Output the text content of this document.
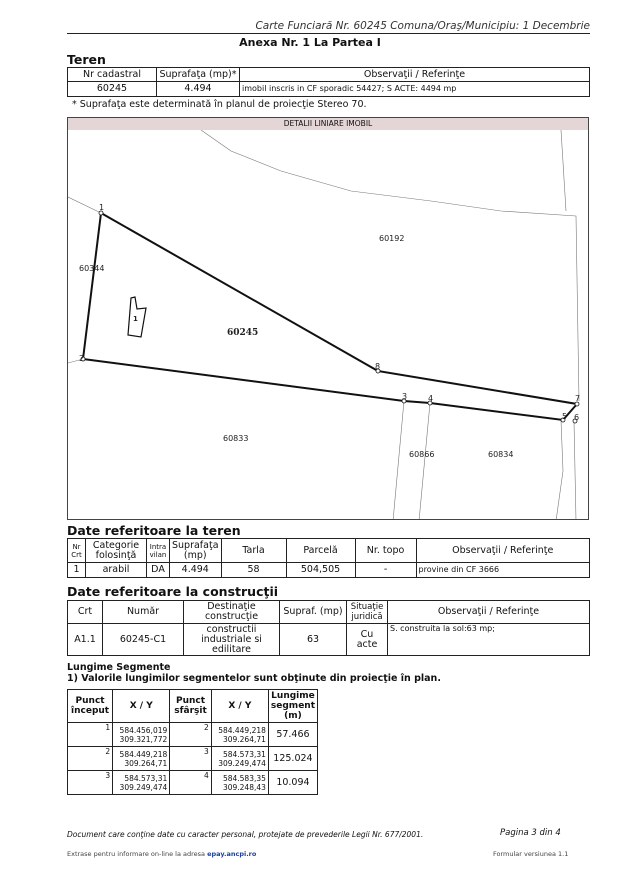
Carte Funciară Nr. 60245 Comuna/Oraş/Municipiu: 1 Decembrie
Anexa Nr. 1 La Partea I
Teren
Nr cadastral	Suprafaţa (mp)*	Observaţii / Referinţe
60245	4.494	imobil inscris in CF sporadic 54427; S ACTE: 4494 mp
* Suprafaţa este determinată în planul de proiecţie Stereo 70.
DETALII LINIARE IMOBIL
1
2
3	4
5 6
7
8
60192
60245
60833
60866	60834
60344
1
Date referitoare la teren
Nr Crt	Categorie folosinţă	Intra vilan	Suprafaţa (mp)	Tarla	Parcelă	Nr. topo	Observaţii / Referinţe
1	arabil	DA	4.494	58	504,505	-	provine din CF 3666
Date referitoare la construcţii
Crt	Număr	Destinaţie construcţie	Supraf. (mp)	Situaţie juridică	Observaţii / Referinţe
A1.1	60245-C1	constructii industriale si edilitare	63	Cu acte	S. construita la sol:63 mp;
Lungime Segmente
1) Valorile lungimilor segmentelor sunt obţinute din proiecţie în plan.
Punct început	X / Y	Punct sfârşit	X / Y	Lungime segment (m)
1	584.456,019
309.321,772	2	584.449,218
309.264,71	57.466
2	584.449,218
309.264,71	3	584.573,31
309.249,474	125.024
3	584.573,31
309.249,474	4	584.583,35
309.248,43	10.094
Document care conţine date cu caracter personal, protejate de prevederile Legii Nr. 677/2001.	Pagina 3 din 4
Extrase pentru informare on-line la adresa epay.ancpi.ro	Formular versiunea 1.1
